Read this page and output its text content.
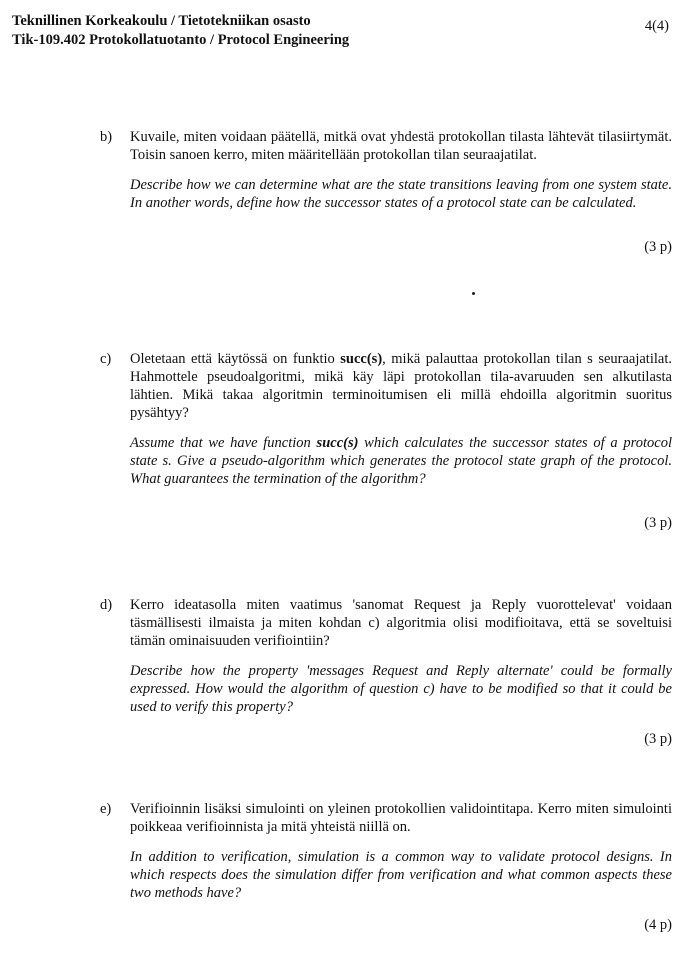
Teknillinen Korkeakoulu / Tietotekniikan osasto
Tik-109.402 Protokollatuotanto / Protocol Engineering
4(4)
b) Kuvaile, miten voidaan päätellä, mitkä ovat yhdestä protokollan tilasta lähtevät tilasiirtymät. Toisin sanoen kerro, miten määritellään protokollan tilan seuraajatilat.

Describe how we can determine what are the state transitions leaving from one system state. In another words, define how the successor states of a protocol state can be calculated.

(3 p)
c) Oletetaan että käytössä on funktio succ(s), mikä palauttaa protokollan tilan s seuraajatilat. Hahmottele pseudoalgoritmi, mikä käy läpi protokollan tila-avaruuden sen alkutilasta lähtien. Mikä takaa algoritmin terminoitumisen eli millä ehdoilla algoritmin suoritus pysähtyy?

Assume that we have function succ(s) which calculates the successor states of a protocol state s. Give a pseudo-algorithm which generates the protocol state graph of the protocol. What guarantees the termination of the algorithm?

(3 p)
d) Kerro ideatasolla miten vaatimus 'sanomat Request ja Reply vuorottelevat' voidaan täsmällisesti ilmaista ja miten kohdan c) algoritmia olisi modifioitava, että se soveltuisi tämän ominaisuuden verifiointiin?

Describe how the property 'messages Request and Reply alternate' could be formally expressed. How would the algorithm of question c) have to be modified so that it could be used to verify this property?

(3 p)
e) Verifioinnin lisäksi simulointi on yleinen protokollien validointitapa. Kerro miten simulointi poikkeaa verifioinnista ja mitä yhteistä niillä on.

In addition to verification, simulation is a common way to validate protocol designs. In which respects does the simulation differ from verification and what common aspects these two methods have?

(4 p)
